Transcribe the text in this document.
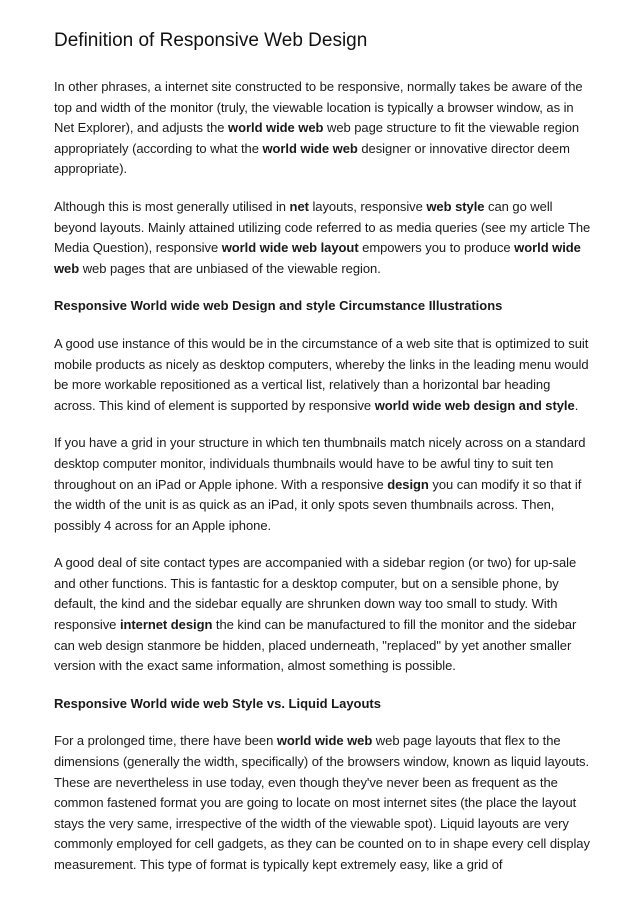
Definition of Responsive Web Design

In other phrases, a internet site constructed to be responsive, normally takes be aware of the top and width of the monitor (truly, the viewable location is typically a browser window, as in Net Explorer), and adjusts the world wide web web page structure to fit the viewable region appropriately (according to what the world wide web designer or innovative director deem appropriate).

Although this is most generally utilised in net layouts, responsive web style can go well beyond layouts. Mainly attained utilizing code referred to as media queries (see my article The Media Question), responsive world wide web layout empowers you to produce world wide web web pages that are unbiased of the viewable region.

Responsive World wide web Design and style Circumstance Illustrations

A good use instance of this would be in the circumstance of a web site that is optimized to suit mobile products as nicely as desktop computers, whereby the links in the leading menu would be more workable repositioned as a vertical list, relatively than a horizontal bar heading across. This kind of element is supported by responsive world wide web design and style.

If you have a grid in your structure in which ten thumbnails match nicely across on a standard desktop computer monitor, individuals thumbnails would have to be awful tiny to suit ten throughout on an iPad or Apple iphone. With a responsive design you can modify it so that if the width of the unit is as quick as an iPad, it only spots seven thumbnails across. Then, possibly 4 across for an Apple iphone.

A good deal of site contact types are accompanied with a sidebar region (or two) for up-sale and other functions. This is fantastic for a desktop computer, but on a sensible phone, by default, the kind and the sidebar equally are shrunken down way too small to study. With responsive internet design the kind can be manufactured to fill the monitor and the sidebar can web design stanmore be hidden, placed underneath, "replaced" by yet another smaller version with the exact same information, almost something is possible.

Responsive World wide web Style vs. Liquid Layouts

For a prolonged time, there have been world wide web web page layouts that flex to the dimensions (generally the width, specifically) of the browsers window, known as liquid layouts. These are nevertheless in use today, even though they've never been as frequent as the common fastened format you are going to locate on most internet sites (the place the layout stays the very same, irrespective of the width of the viewable spot). Liquid layouts are very commonly employed for cell gadgets, as they can be counted on to in shape every cell display measurement. This type of format is typically kept extremely easy, like a grid of
